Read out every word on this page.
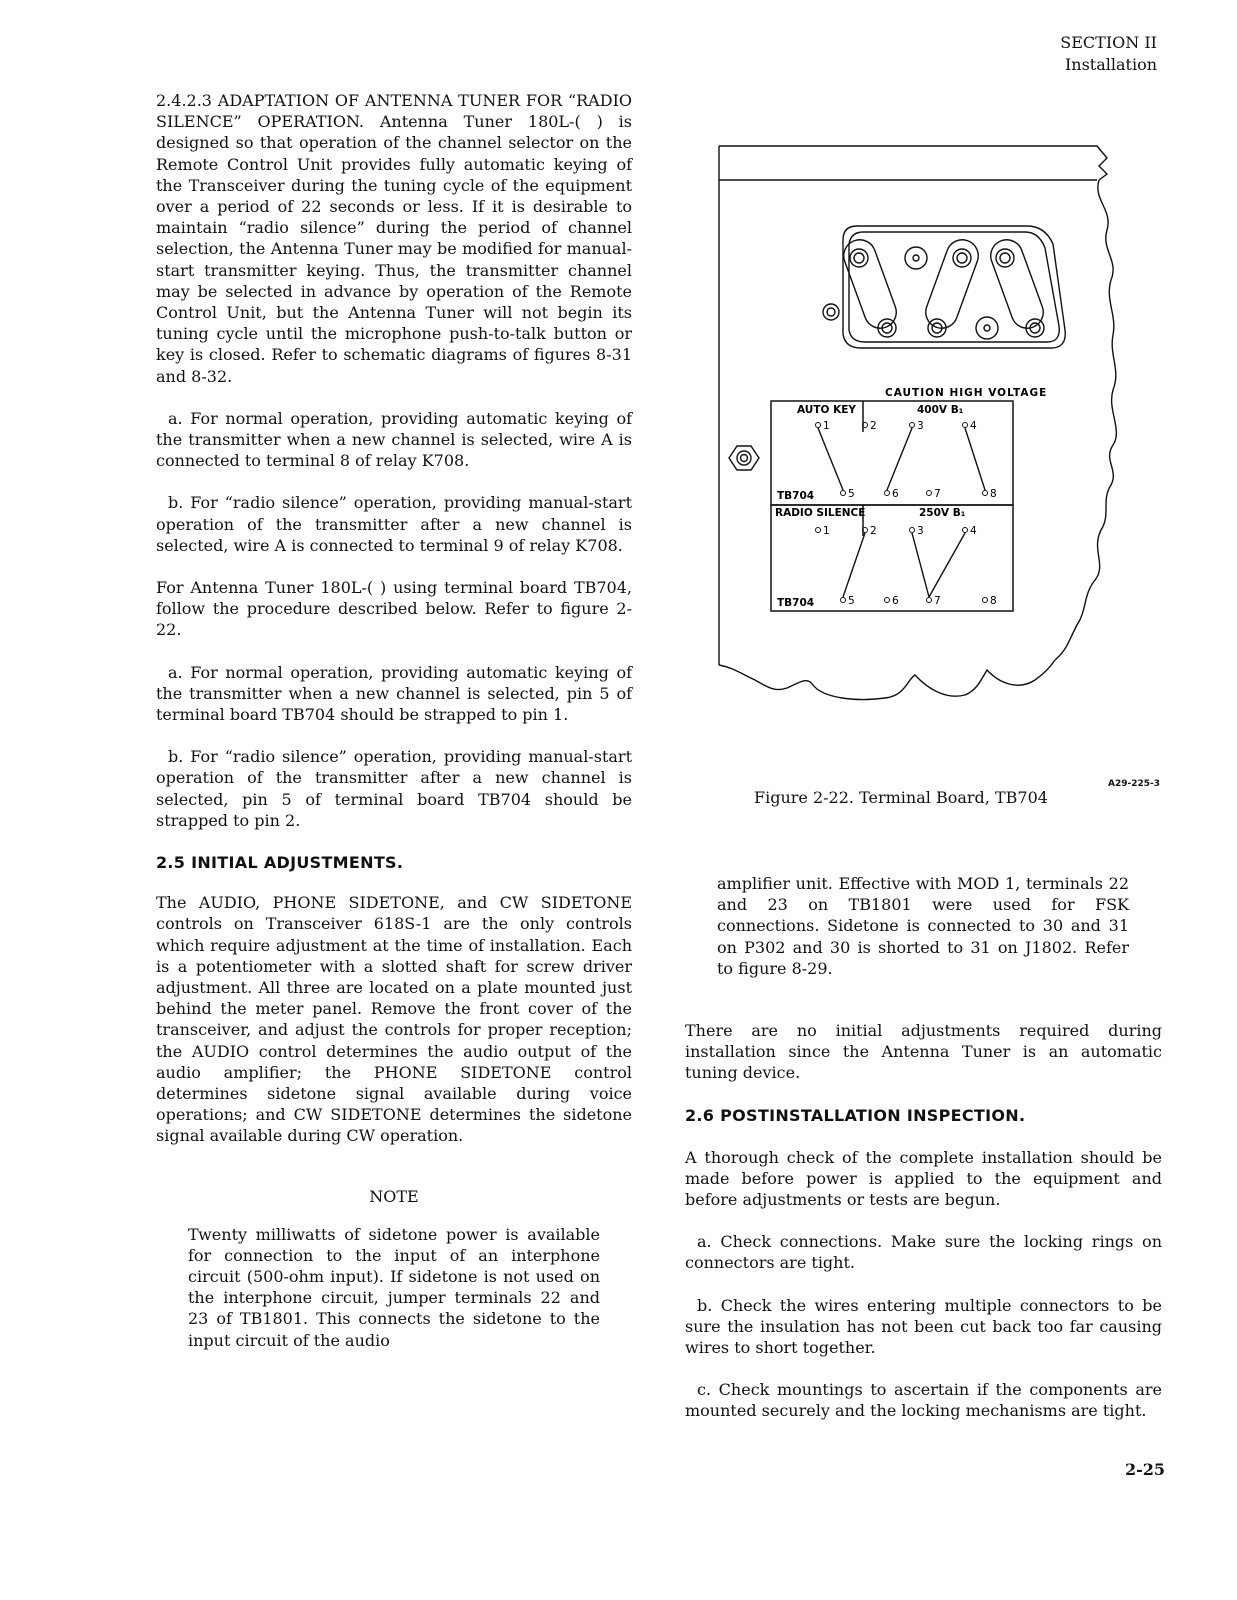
SECTION II
Installation

2.4.2.3 ADAPTATION OF ANTENNA TUNER FOR “RADIO SILENCE” OPERATION. Antenna Tuner 180L-( ) is designed so that operation of the channel selector on the Remote Control Unit provides fully automatic keying of the Transceiver during the tuning cycle of the equipment over a period of 22 seconds or less. If it is desirable to maintain “radio silence” during the period of channel selection, the Antenna Tuner may be modified for manual-start transmitter keying. Thus, the transmitter channel may be selected in advance by operation of the Remote Control Unit, but the Antenna Tuner will not begin its tuning cycle until the microphone push-to-talk button or key is closed. Refer to schematic diagrams of figures 8-31 and 8-32.

a. For normal operation, providing automatic keying of the transmitter when a new channel is selected, wire A is connected to terminal 8 of relay K708.

b. For “radio silence” operation, providing manual-start operation of the transmitter after a new channel is selected, wire A is connected to terminal 9 of relay K708.

For Antenna Tuner 180L-( ) using terminal board TB704, follow the procedure described below. Refer to figure 2-22.

a. For normal operation, providing automatic keying of the transmitter when a new channel is selected, pin 5 of terminal board TB704 should be strapped to pin 1.

b. For “radio silence” operation, providing manual-start operation of the transmitter after a new channel is selected, pin 5 of terminal board TB704 should be strapped to pin 2.

2.5 INITIAL ADJUSTMENTS.

The AUDIO, PHONE SIDETONE, and CW SIDETONE controls on Transceiver 618S-1 are the only controls which require adjustment at the time of installation. Each is a potentiometer with a slotted shaft for screw driver adjustment. All three are located on a plate mounted just behind the meter panel. Remove the front cover of the transceiver, and adjust the controls for proper reception; the AUDIO control determines the audio output of the audio amplifier; the PHONE SIDETONE control determines sidetone signal available during voice operations; and CW SIDETONE determines the sidetone signal available during CW operation.

NOTE

Twenty milliwatts of sidetone power is available for connection to the input of an interphone circuit (500-ohm input). If sidetone is not used on the interphone circuit, jumper terminals 22 and 23 of TB1801. This connects the sidetone to the input circuit of the audio

CAUTION HIGH VOLTAGE
AUTO KEY	400V B₁
RADIO SILENCE	250V B₁
TB704
TB704
1	2	3	4
5	6	7	8
1	2	3	4
5	6	7	8
Figure 2-22. Terminal Board, TB704
A29-225-3

amplifier unit. Effective with MOD 1, terminals 22 and 23 on TB1801 were used for FSK connections. Sidetone is connected to 30 and 31 on P302 and 30 is shorted to 31 on J1802. Refer to figure 8-29.

There are no initial adjustments required during installation since the Antenna Tuner is an automatic tuning device.

2.6 POSTINSTALLATION INSPECTION.

A thorough check of the complete installation should be made before power is applied to the equipment and before adjustments or tests are begun.

a. Check connections. Make sure the locking rings on connectors are tight.

b. Check the wires entering multiple connectors to be sure the insulation has not been cut back too far causing wires to short together.

c. Check mountings to ascertain if the components are mounted securely and the locking mechanisms are tight.

2-25
